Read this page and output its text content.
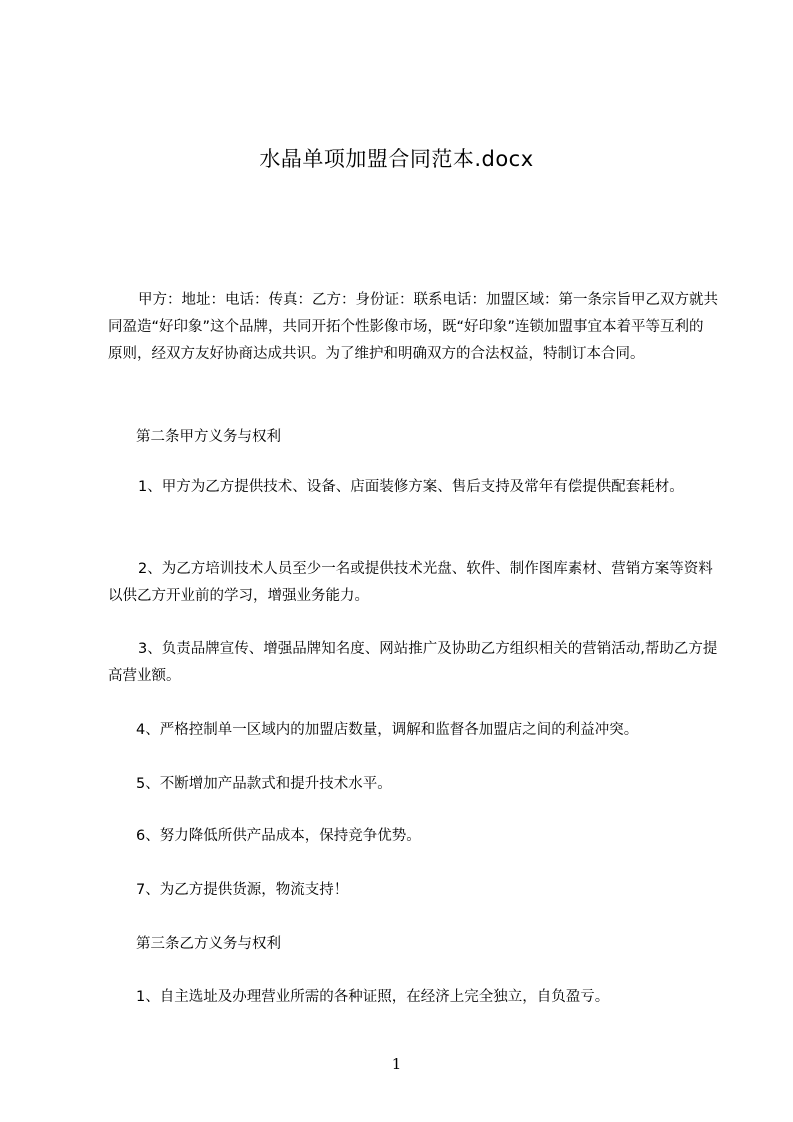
水晶单项加盟合同范本.docx

甲方：地址：电话：传真：乙方：身份证：联系电话：加盟区域：第一条宗旨甲乙双方就共同盈造“好印象”这个品牌，共同开拓个性影像市场，既“好印象”连锁加盟事宜本着平等互利的原则，经双方友好协商达成共识。为了维护和明确双方的合法权益，特制订本合同。

第二条甲方义务与权利

1、甲方为乙方提供技术、设备、店面装修方案、售后支持及常年有偿提供配套耗材。

2、为乙方培训技术人员至少一名或提供技术光盘、软件、制作图库素材、营销方案等资料以供乙方开业前的学习，增强业务能力。

3、负责品牌宣传、增强品牌知名度、网站推广及协助乙方组织相关的营销活动,帮助乙方提高营业额。

4、严格控制单一区域内的加盟店数量，调解和监督各加盟店之间的利益冲突。

5、不断增加产品款式和提升技术水平。

6、努力降低所供产品成本，保持竞争优势。

7、为乙方提供货源，物流支持！

第三条乙方义务与权利

1、自主选址及办理营业所需的各种证照，在经济上完全独立，自负盈亏。

1
